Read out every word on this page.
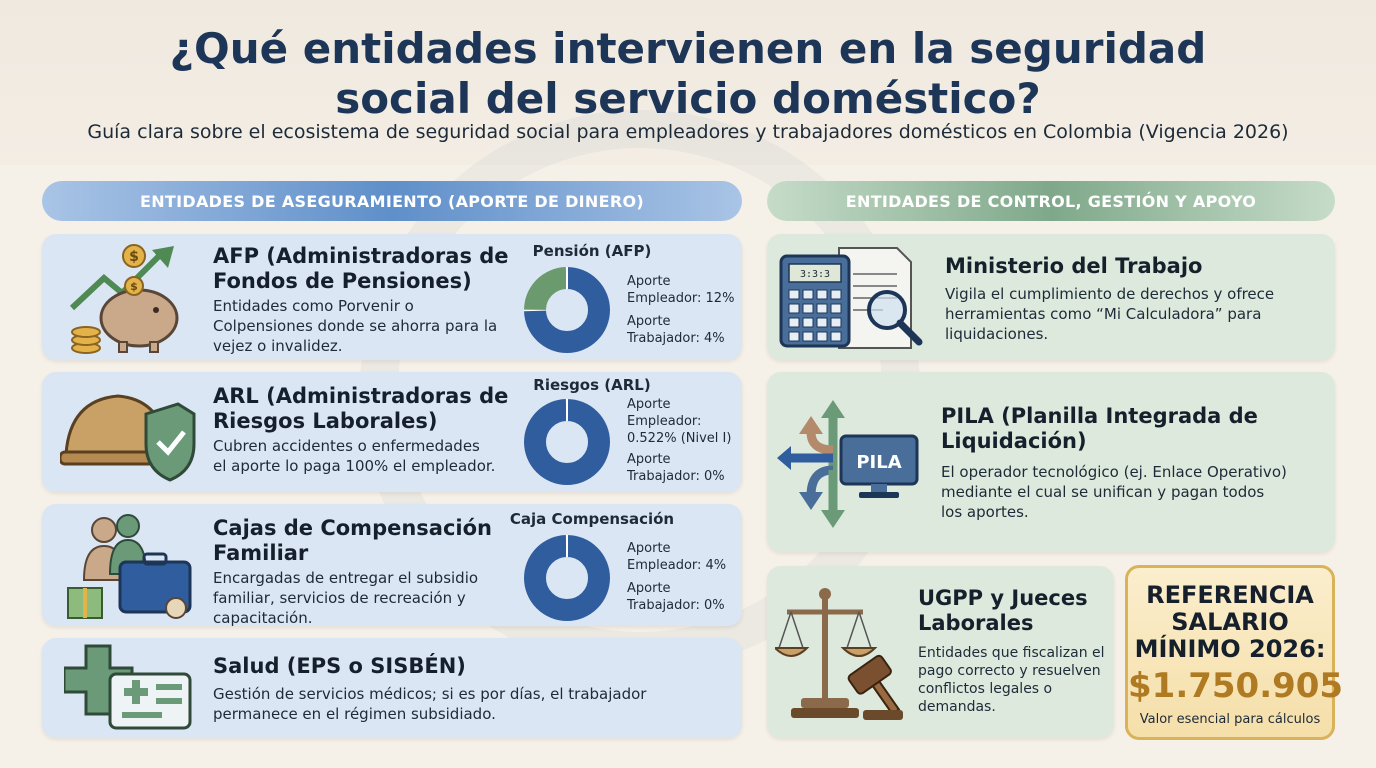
¿Qué entidades intervienen en la seguridad
social del servicio doméstico?
Guía clara sobre el ecosistema de seguridad social para empleadores y trabajadores domésticos en Colombia (Vigencia 2026)
ENTIDADES DE ASEGURAMIENTO (APORTE DE DINERO)	ENTIDADES DE CONTROL, GESTIÓN Y APOYO
$
$
AFP (Administradoras de
Fondos de Pensiones)
Entidades como Porvenir o
Colpensiones donde se ahorra para la
vejez o invalidez.
Pensión (AFP)
Aporte
Empleador: 12%
Aporte
Trabajador: 4%
ARL (Administradoras de
Riesgos Laborales)
Cubren accidentes o enfermedades
el aporte lo paga 100% el empleador.
Riesgos (ARL)
Aporte
Empleador:
0.522% (Nivel I)
Aporte
Trabajador: 0%
Cajas de Compensación
Familiar
Encargadas de entregar el subsidio
familiar, servicios de recreación y
capacitación.
Caja Compensación
Aporte
Empleador: 4%
Aporte
Trabajador: 0%
Salud (EPS o SISBÉN)
Gestión de servicios médicos; si es por días, el trabajador
permanece en el régimen subsidiado.
3:3:3	Ministerio del Trabajo
Vigila el cumplimiento de derechos y ofrece
herramientas como “Mi Calculadora” para
liquidaciones.
PILA
PILA (Planilla Integrada de
Liquidación)
El operador tecnológico (ej. Enlace Operativo)
mediante el cual se unifican y pagan todos
los aportes.
UGPP y Jueces
Laborales
Entidades que fiscalizan el
pago correcto y resuelven
conflictos legales o
demandas.
REFERENCIA
SALARIO
MÍNIMO 2026:
$1.750.905
Valor esencial para cálculos
